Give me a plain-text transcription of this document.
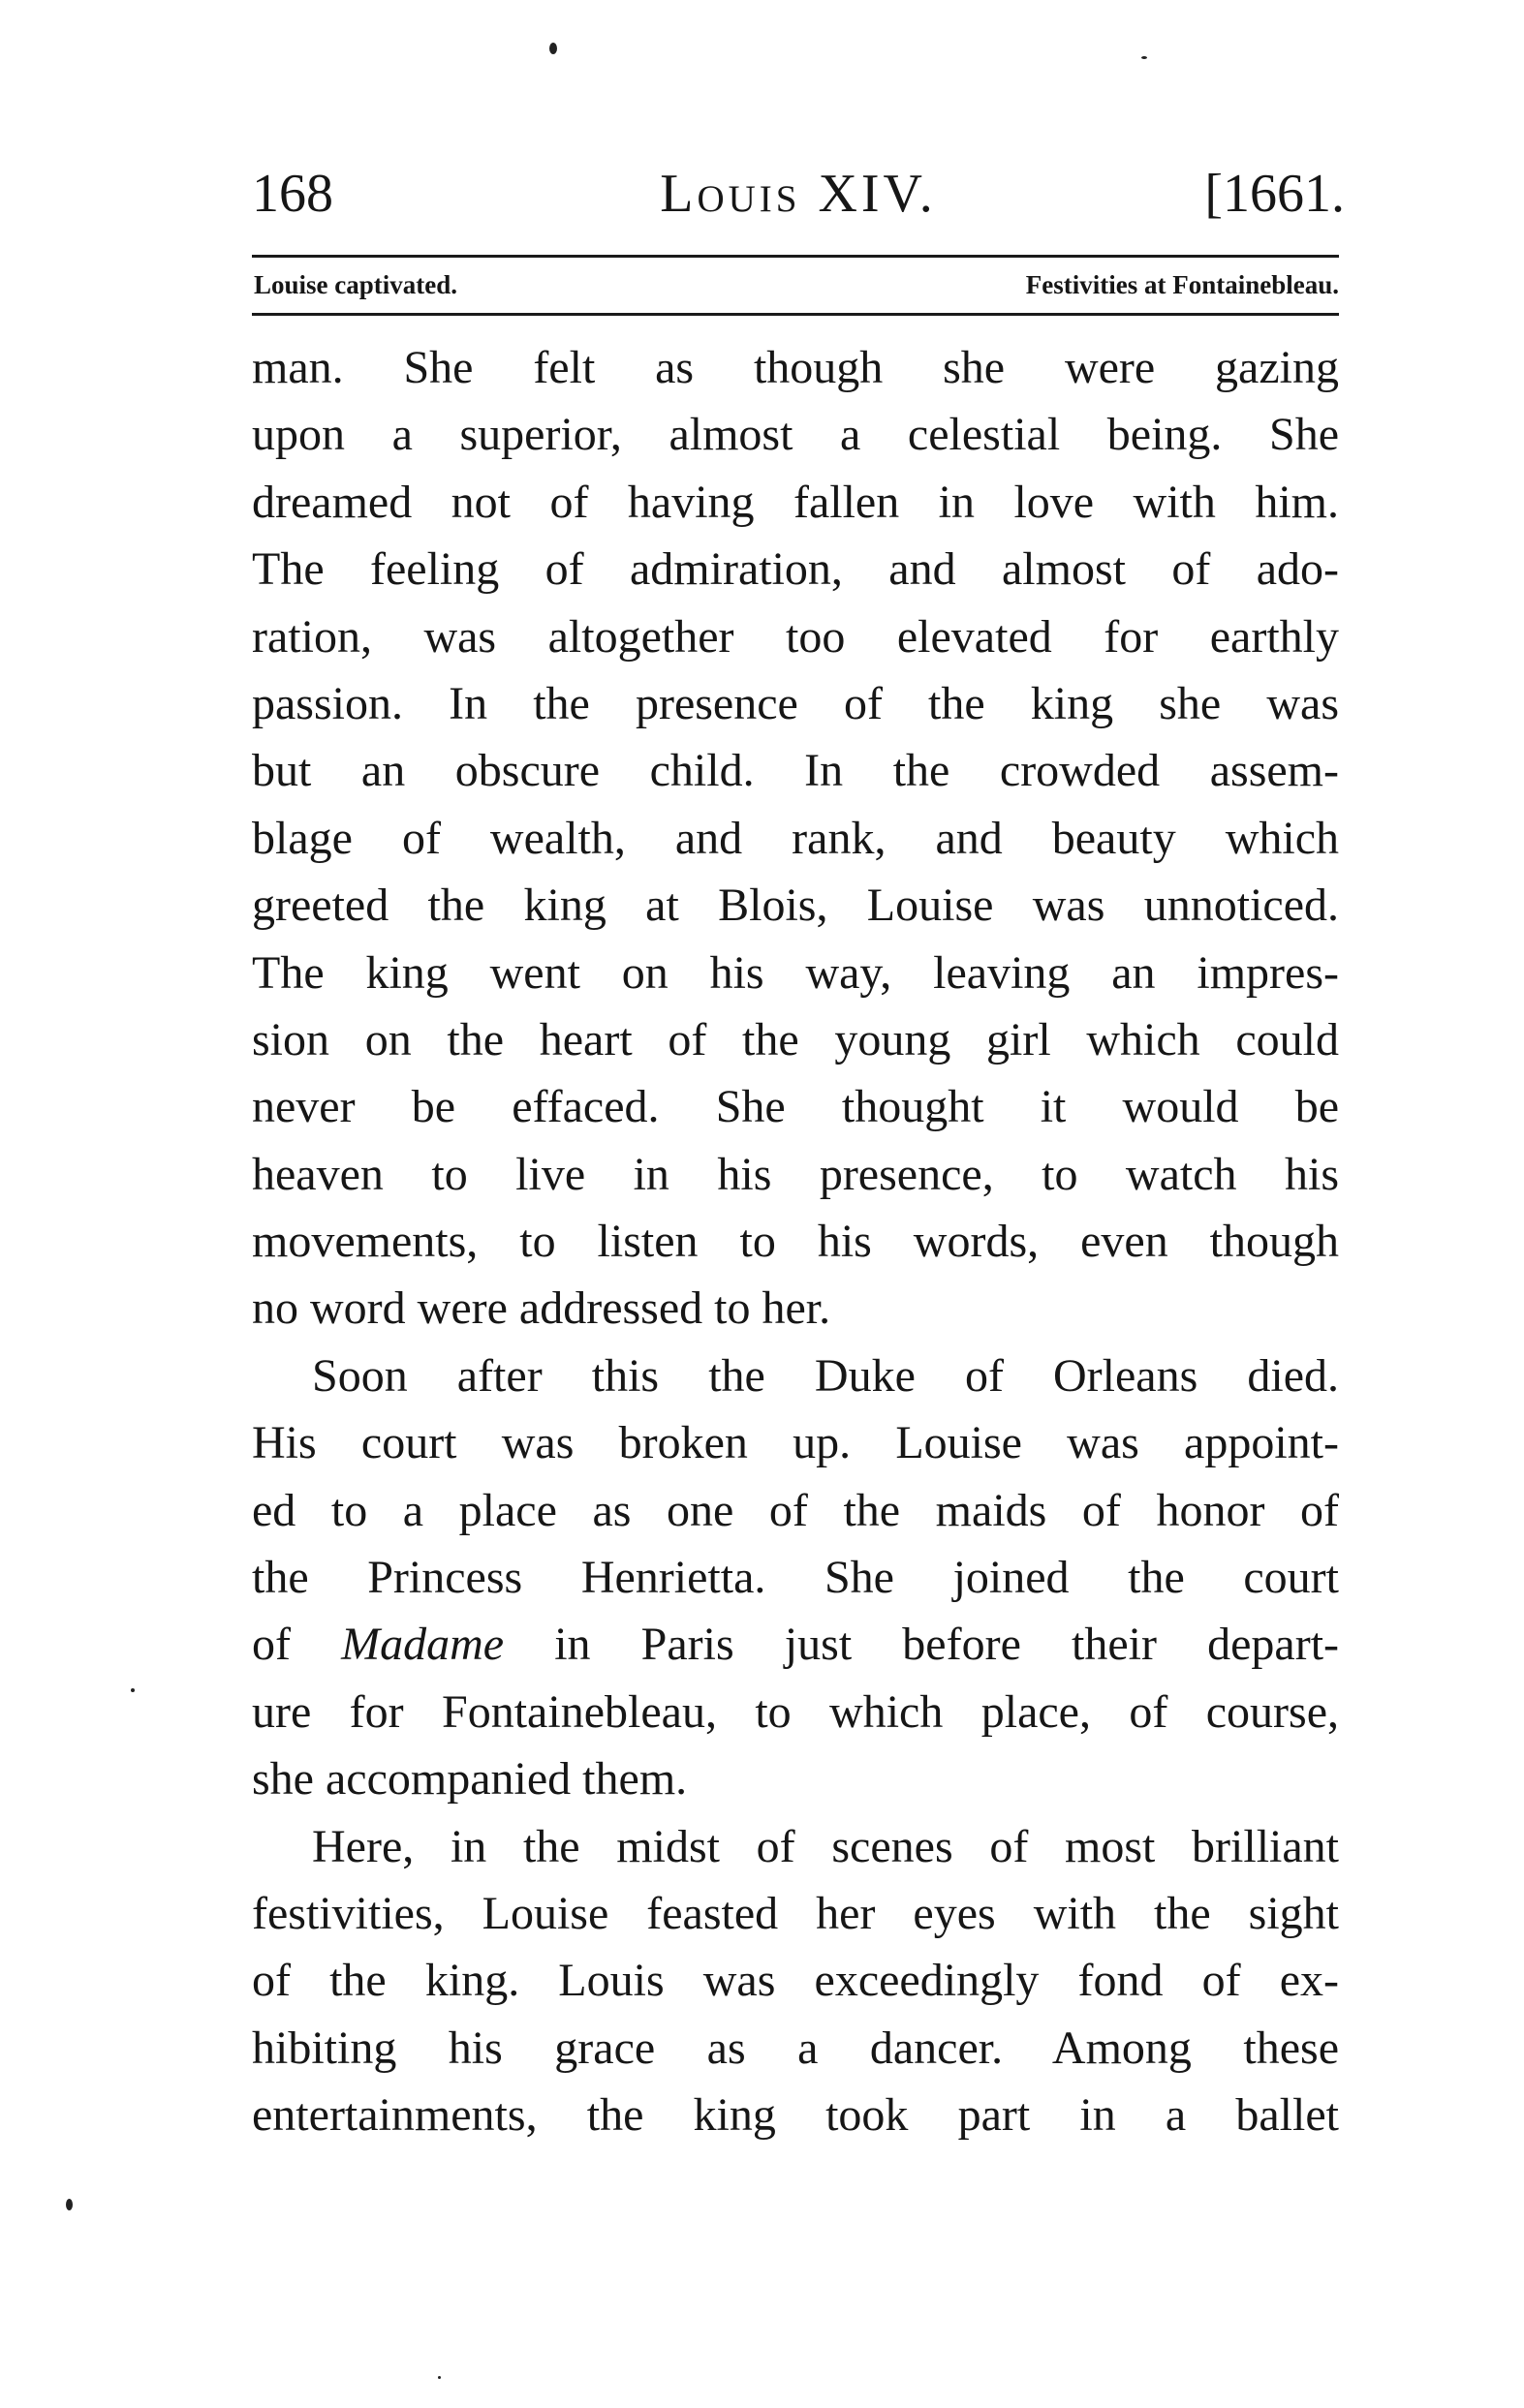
168	Louis XIV.	[1661.
Louise captivated.	Festivities at Fontainebleau.
man. She felt as though she were gazing
upon a superior, almost a celestial being. She
dreamed not of having fallen in love with him.
The feeling of admiration, and almost of ado-
ration, was altogether too elevated for earthly
passion. In the presence of the king she was
but an obscure child. In the crowded assem-
blage of wealth, and rank, and beauty which
greeted the king at Blois, Louise was unnoticed.
The king went on his way, leaving an impres-
sion on the heart of the young girl which could
never be effaced. She thought it would be
heaven to live in his presence, to watch his
movements, to listen to his words, even though
no word were addressed to her.
Soon after this the Duke of Orleans died.
His court was broken up. Louise was appoint-
ed to a place as one of the maids of honor of
the Princess Henrietta. She joined the court
of Madame in Paris just before their depart-
ure for Fontainebleau, to which place, of course,
she accompanied them.
Here, in the midst of scenes of most brilliant
festivities, Louise feasted her eyes with the sight
of the king. Louis was exceedingly fond of ex-
hibiting his grace as a dancer. Among these
entertainments, the king took part in a ballet
